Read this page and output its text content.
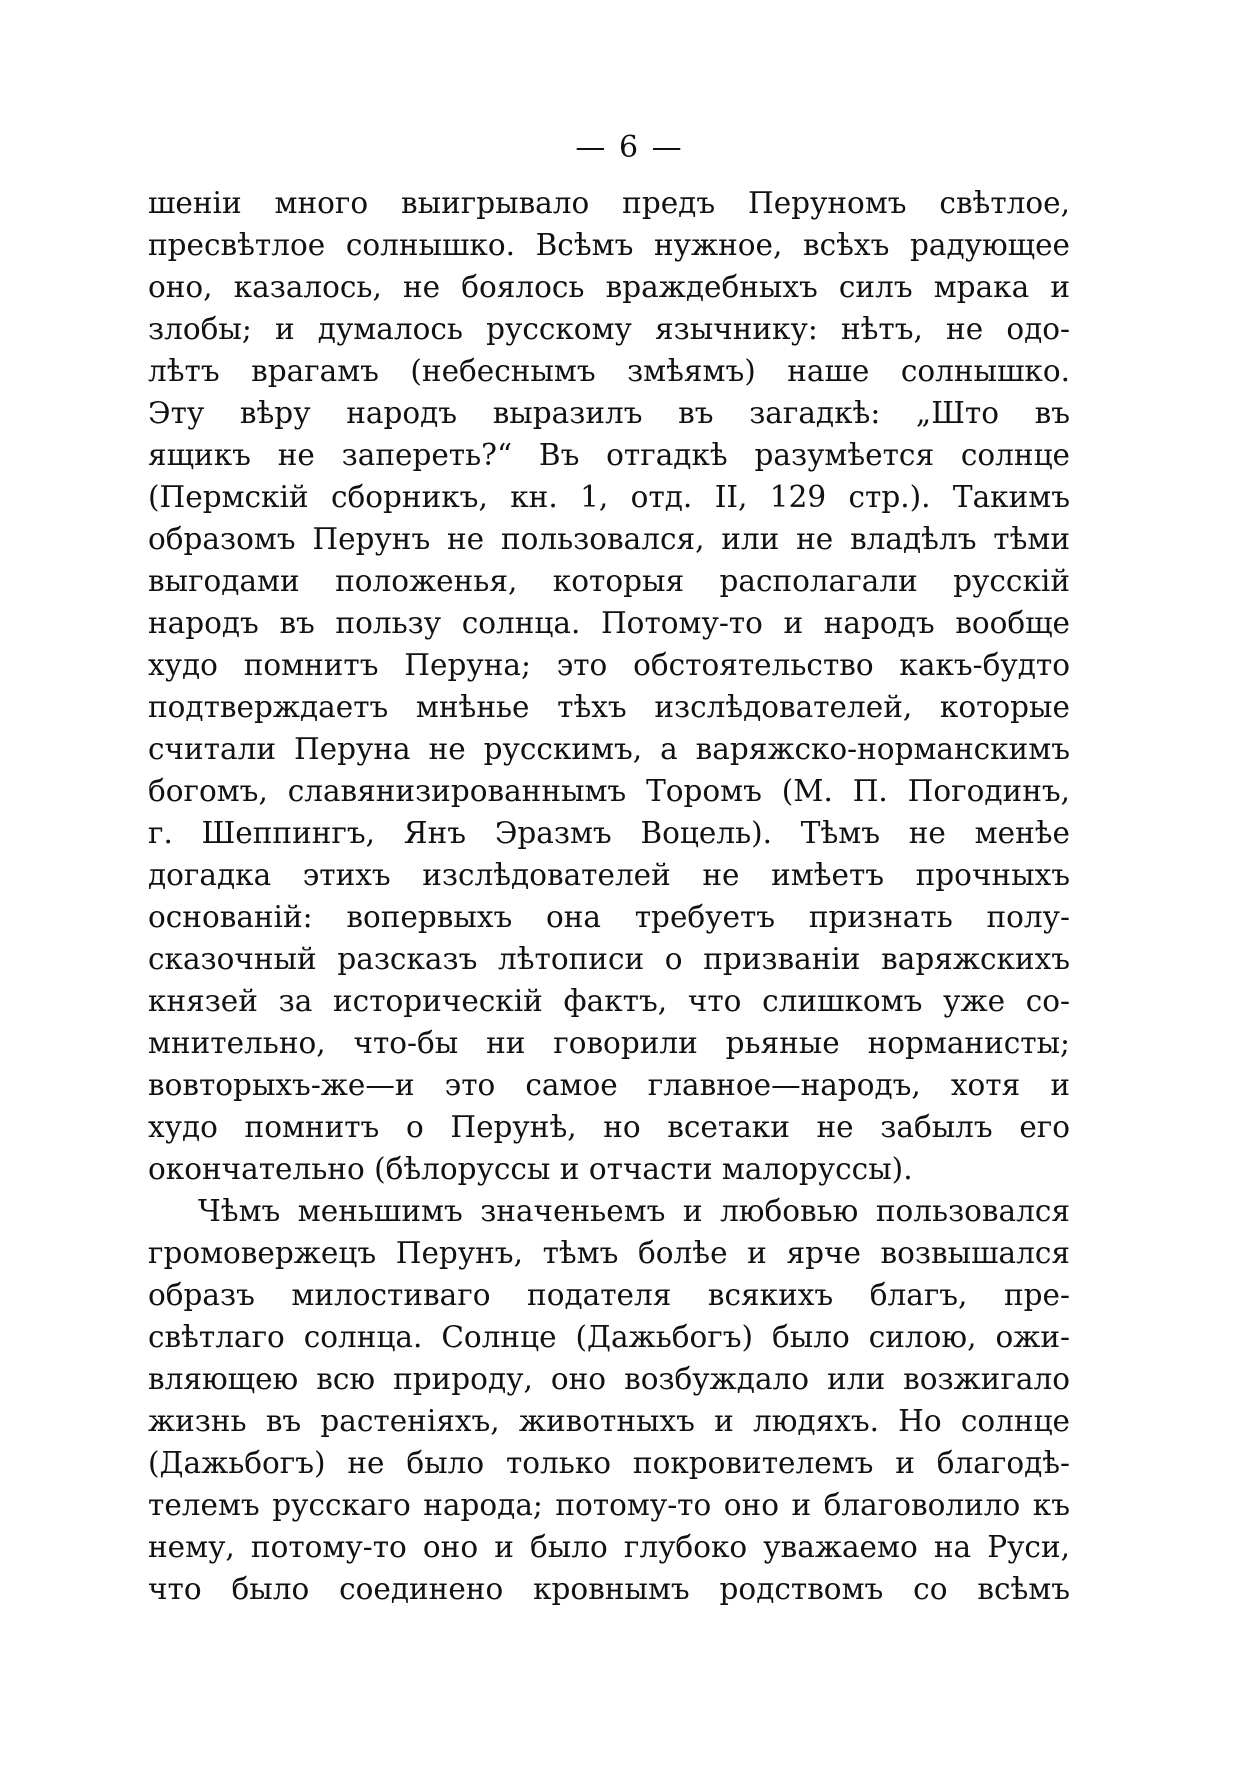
— 6 —
шенiи много выигрывало предъ Перуномъ свѣтлое,
пресвѣтлое солнышко. Всѣмъ нужное, всѣхъ радующее
оно, казалось, не боялось враждебныхъ силъ мрака и
злобы; и думалось русскому язычнику: нѣтъ, не одо-
лѣтъ врагамъ (небеснымъ змѣямъ) наше солнышко.
Эту вѣру народъ выразилъ въ загадкѣ: „Што въ
ящикъ не запереть?“ Въ отгадкѣ разумѣется солнце
(Пермскiй сборникъ, кн. 1, отд. II, 129 стр.). Такимъ
образомъ Перунъ не пользовался, или не владѣлъ тѣми
выгодами положенья, которыя располагали русскiй
народъ въ пользу солнца. Потому-то и народъ вообще
худо помнитъ Перуна; это обстоятельство какъ-будто
подтверждаетъ мнѣнье тѣхъ изслѣдователей, которые
считали Перуна не русскимъ, а варяжско-норманскимъ
богомъ, славянизированнымъ Торомъ (М. П. Погодинъ,
г. Шеппингъ, Янъ Эразмъ Вoцель). Тѣмъ не менѣе
догадка этихъ изслѣдователей не имѣетъ прочныхъ
основанiй: вопервыхъ она требуетъ признать полу-
сказочный разсказъ лѣтописи о призванiи варяжскихъ
князей за историческiй фактъ, что слишкомъ уже со-
мнительно, что-бы ни говорили рьяные норманисты;
вовторыхъ-же—и это самое главное—народъ, хотя и
худо помнитъ о Перунѣ, но всетаки не забылъ его
окончательно (бѣлоруссы и отчасти малоруссы).
Чѣмъ меньшимъ значеньемъ и любовью пользовался
громовержецъ Перунъ, тѣмъ болѣе и ярче возвышался
образъ милостиваго подателя всякихъ благъ, пре-
свѣтлаго солнца. Солнце (Дажьбогъ) было силою, ожи-
вляющею всю природу, оно возбуждало или возжигало
жизнь въ растенiяхъ, животныхъ и людяхъ. Но солнце
(Дажьбогъ) не было только покровителемъ и благодѣ-
телемъ русскаго народа; потому-то оно и благоволило къ
нему, потому-то оно и было глубоко уважаемо на Руси,
что было соединено кровнымъ родствомъ со всѣмъ
